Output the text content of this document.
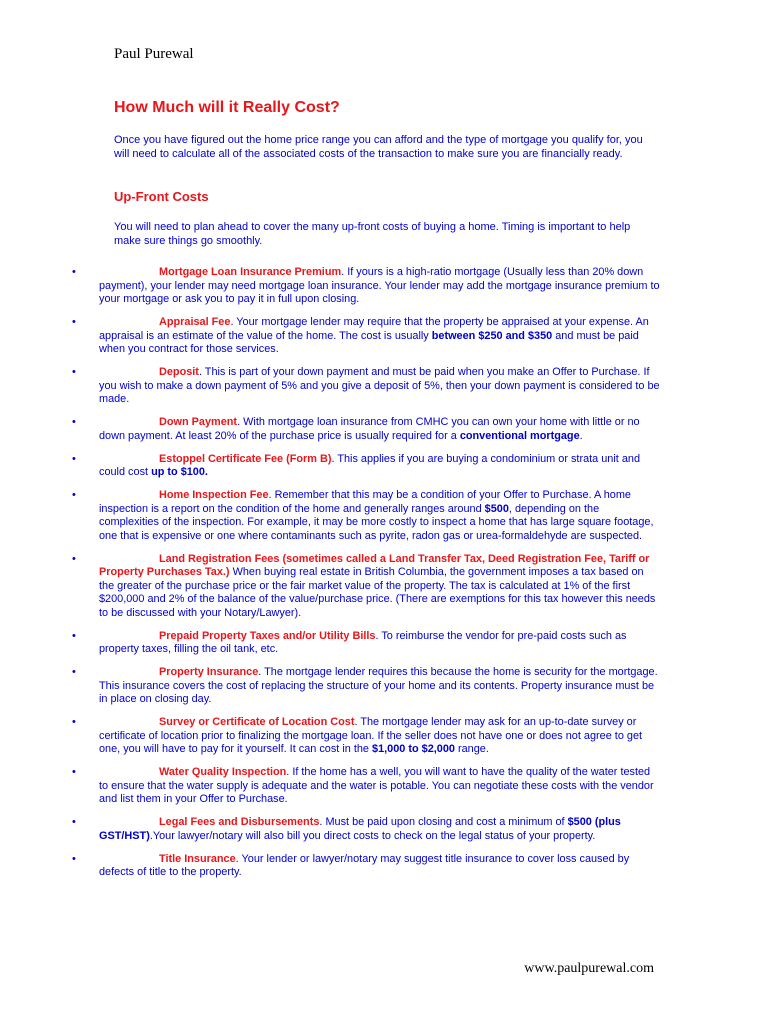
Paul Purewal
How Much will it Really Cost?

Once you have figured out the home price range you can afford and the type of mortgage you qualify for, you will need to calculate all of the associated costs of the transaction to make sure you are financially ready.

Up-Front Costs

You will need to plan ahead to cover the many up-front costs of buying a home. Timing is important to help make sure things go smoothly.

•	Mortgage Loan Insurance Premium. If yours is a high-ratio mortgage (Usually less than 20% down payment), your lender may need mortgage loan insurance. Your lender may add the mortgage insurance premium to your mortgage or ask you to pay it in full upon closing.
•	Appraisal Fee. Your mortgage lender may require that the property be appraised at your expense. An appraisal is an estimate of the value of the home. The cost is usually between $250 and $350 and must be paid when you contract for those services.
•	Deposit. This is part of your down payment and must be paid when you make an Offer to Purchase. If you wish to make a down payment of 5% and you give a deposit of 5%, then your down payment is considered to be made.
•	Down Payment. With mortgage loan insurance from CMHC you can own your home with little or no down payment. At least 20% of the purchase price is usually required for a conventional mortgage.
•	Estoppel Certificate Fee (Form B). This applies if you are buying a condominium or strata unit and could cost up to $100.
•	Home Inspection Fee. Remember that this may be a condition of your Offer to Purchase. A home inspection is a report on the condition of the home and generally ranges around $500, depending on the complexities of the inspection. For example, it may be more costly to inspect a home that has large square footage, one that is expensive or one where contaminants such as pyrite, radon gas or urea-formaldehyde are suspected.
•	Land Registration Fees (sometimes called a Land Transfer Tax, Deed Registration Fee, Tariff or Property Purchases Tax.) When buying real estate in British Columbia, the government imposes a tax based on the greater of the purchase price or the fair market value of the property. The tax is calculated at 1% of the first $200,000 and 2% of the balance of the value/purchase price. (There are exemptions for this tax however this needs to be discussed with your Notary/Lawyer).
•	Prepaid Property Taxes and/or Utility Bills. To reimburse the vendor for pre-paid costs such as property taxes, filling the oil tank, etc.
•	Property Insurance. The mortgage lender requires this because the home is security for the mortgage. This insurance covers the cost of replacing the structure of your home and its contents. Property insurance must be in place on closing day.
•	Survey or Certificate of Location Cost. The mortgage lender may ask for an up-to-date survey or certificate of location prior to finalizing the mortgage loan. If the seller does not have one or does not agree to get one, you will have to pay for it yourself. It can cost in the $1,000 to $2,000 range.
•	Water Quality Inspection. If the home has a well, you will want to have the quality of the water tested to ensure that the water supply is adequate and the water is potable. You can negotiate these costs with the vendor and list them in your Offer to Purchase.
•	Legal Fees and Disbursements. Must be paid upon closing and cost a minimum of $500 (plus GST/HST).Your lawyer/notary will also bill you direct costs to check on the legal status of your property.
•	Title Insurance. Your lender or lawyer/notary may suggest title insurance to cover loss caused by defects of title to the property.
www.paulpurewal.com
